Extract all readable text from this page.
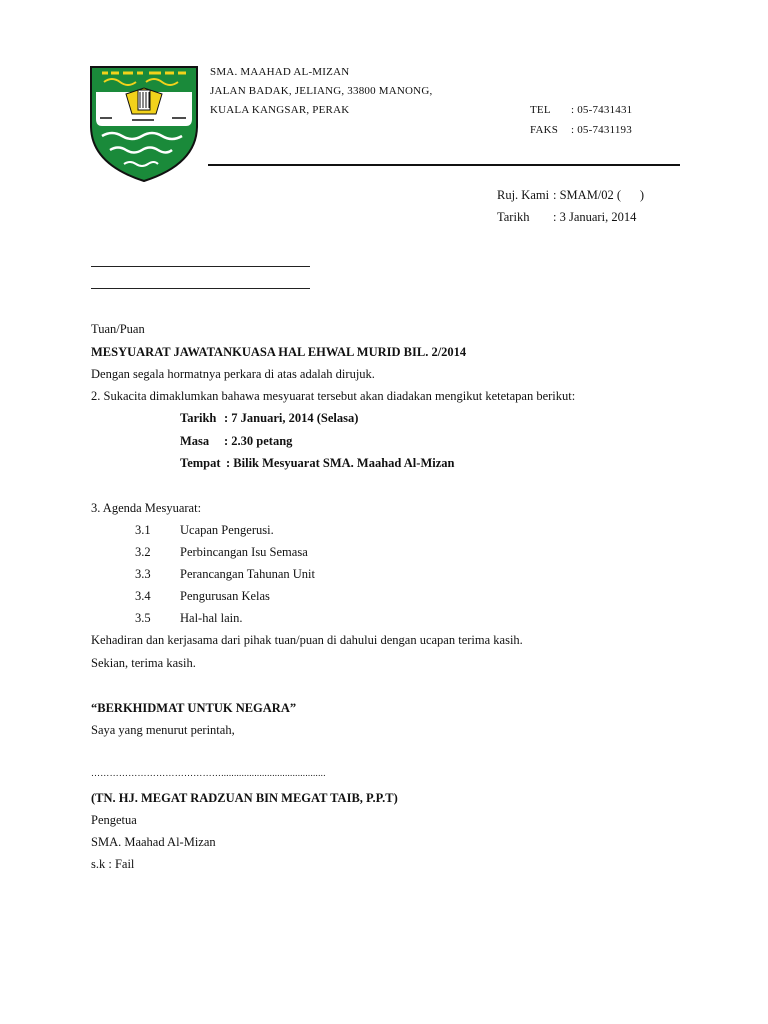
SMA. MAAHAD AL-MIZAN
JALAN BADAK, JELIANG, 33800 MANONG,
KUALA KANGSAR, PERAK	TEL : 05-7431431
FAKS : 05-7431193
Ruj. Kami : SMAM/02 (      )
Tarikh : 3 Januari, 2014
Tuan/Puan
MESYUARAT JAWATANKUASA HAL EHWAL MURID BIL. 2/2014
Dengan segala hormatnya perkara di atas adalah dirujuk.
2. Sukacita dimaklumkan bahawa mesyuarat tersebut akan diadakan mengikut ketetapan berikut:
Tarikh : 7 Januari, 2014 (Selasa)
Masa : 2.30 petang
Tempat : Bilik Mesyuarat SMA. Maahad Al-Mizan
3. Agenda Mesyuarat:
3.1 Ucapan Pengerusi.
3.2 Perbincangan Isu Semasa
3.3 Perancangan Tahunan Unit
3.4 Pengurusan Kelas
3.5 Hal-hal lain.
Kehadiran dan kerjasama dari pihak tuan/puan di dahului dengan ucapan terima kasih.
Sekian, terima kasih.
“BERKHIDMAT UNTUK NEGARA”
Saya yang menurut perintah,
…………………………………….........................................
(TN. HJ. MEGAT RADZUAN BIN MEGAT TAIB, P.P.T)
Pengetua
SMA. Maahad Al-Mizan
s.k : Fail
